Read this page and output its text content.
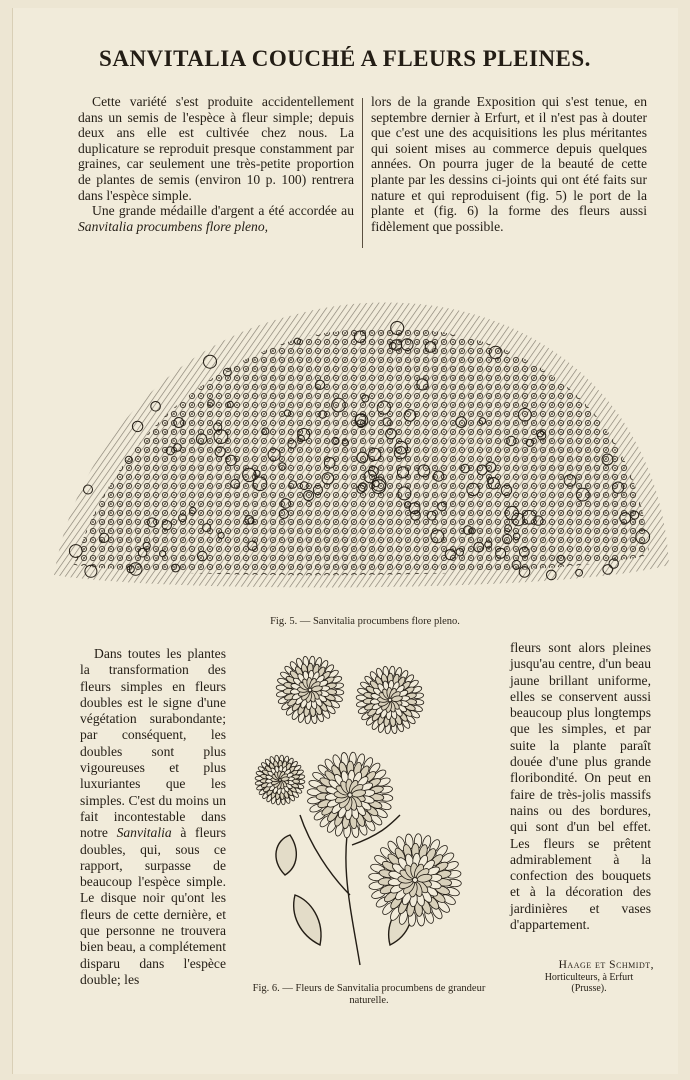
SANVITALIA COUCHÉ A FLEURS PLEINES.

Cette variété s'est produite accidentellement dans un semis de l'espèce à fleur simple; depuis deux ans elle est cultivée chez nous. La duplicature se reproduit presque constamment par graines, car seulement une très-petite proportion de plantes de semis (environ 10 p. 100) rentrera dans l'espèce simple.

Une grande médaille d'argent a été accordée au Sanvitalia procumbens flore pleno,

lors de la grande Exposition qui s'est tenue, en septembre dernier à Erfurt, et il n'est pas à douter que c'est une des acquisitions les plus méritantes qui soient mises au commerce depuis quelques années. On pourra juger de la beauté de cette plante par les dessins ci-joints qui ont été faits sur nature et qui reproduisent (fig. 5) le port de la plante et (fig. 6) la forme des fleurs aussi fidèlement que possible.

Fig. 5. — Sanvitalia procumbens flore pleno.

Dans toutes les plantes la transformation des fleurs simples en fleurs doubles est le signe d'une végétation surabondante; par conséquent, les doubles sont plus vigoureuses et plus luxuriantes que les simples. C'est du moins un fait incontestable dans notre Sanvitalia à fleurs doubles, qui, sous ce rapport, surpasse de beaucoup l'espèce simple. Le disque noir qu'ont les fleurs de cette dernière, et que personne ne trouvera bien beau, a complétement disparu dans l'espèce double; les

Fig. 6. — Fleurs de Sanvitalia procumbens de grandeur naturelle.

fleurs sont alors pleines jusqu'au centre, d'un beau jaune brillant uniforme, elles se conservent aussi beaucoup plus longtemps que les simples, et par suite la plante paraît douée d'une plus grande floribondité. On peut en faire de très-jolis massifs nains ou des bordures, qui sont d'un bel effet. Les fleurs se prêtent admirablement à la confection des bouquets et à la décoration des jardinières et vases d'appartement.

Haage et Schmidt,
Horticulteurs, à Erfurt
(Prusse).
